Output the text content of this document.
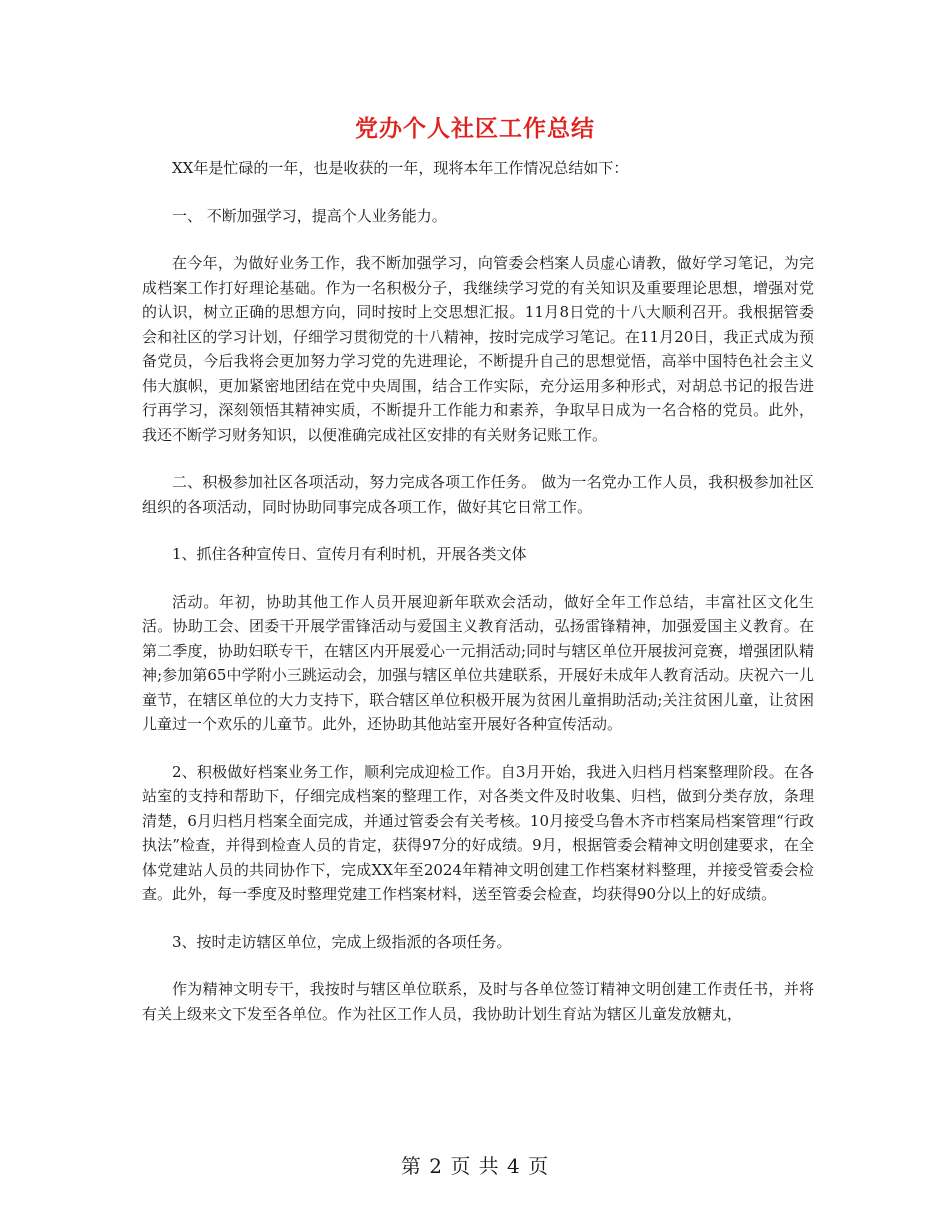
党办个人社区工作总结

XX年是忙碌的一年，也是收获的一年，现将本年工作情况总结如下：

一、 不断加强学习，提高个人业务能力。

在今年，为做好业务工作，我不断加强学习，向管委会档案人员虚心请教，做好学习笔记，为完成档案工作打好理论基础。作为一名积极分子，我继续学习党的有关知识及重要理论思想，增强对党的认识，树立正确的思想方向，同时按时上交思想汇报。11月8日党的十八大顺利召开。我根据管委会和社区的学习计划，仔细学习贯彻党的十八精神，按时完成学习笔记。在11月20日，我正式成为预备党员，今后我将会更加努力学习党的先进理论，不断提升自己的思想觉悟，高举中国特色社会主义伟大旗帜，更加紧密地团结在党中央周围，结合工作实际，充分运用多种形式，对胡总书记的报告进行再学习，深刻领悟其精神实质，不断提升工作能力和素养，争取早日成为一名合格的党员。此外，我还不断学习财务知识，以便准确完成社区安排的有关财务记账工作。

二、积极参加社区各项活动，努力完成各项工作任务。 做为一名党办工作人员，我积极参加社区组织的各项活动，同时协助同事完成各项工作，做好其它日常工作。

1、抓住各种宣传日、宣传月有利时机，开展各类文体

活动。年初，协助其他工作人员开展迎新年联欢会活动，做好全年工作总结，丰富社区文化生活。协助工会、团委干开展学雷锋活动与爱国主义教育活动，弘扬雷锋精神，加强爱国主义教育。在第二季度，协助妇联专干，在辖区内开展爱心一元捐活动;同时与辖区单位开展拔河竞赛，增强团队精神;参加第65中学附小三跳运动会，加强与辖区单位共建联系，开展好未成年人教育活动。庆祝六一儿童节，在辖区单位的大力支持下，联合辖区单位积极开展为贫困儿童捐助活动;关注贫困儿童，让贫困儿童过一个欢乐的儿童节。此外，还协助其他站室开展好各种宣传活动。

2、积极做好档案业务工作，顺利完成迎检工作。自3月开始，我进入归档月档案整理阶段。在各站室的支持和帮助下，仔细完成档案的整理工作，对各类文件及时收集、归档，做到分类存放，条理清楚，6月归档月档案全面完成，并通过管委会有关考核。10月接受乌鲁木齐市档案局档案管理“行政执法”检查，并得到检查人员的肯定，获得97分的好成绩。9月，根据管委会精神文明创建要求，在全体党建站人员的共同协作下，完成XX年至2024年精神文明创建工作档案材料整理，并接受管委会检查。此外，每一季度及时整理党建工作档案材料，送至管委会检查，均获得90分以上的好成绩。

3、按时走访辖区单位，完成上级指派的各项任务。

作为精神文明专干，我按时与辖区单位联系，及时与各单位签订精神文明创建工作责任书，并将有关上级来文下发至各单位。作为社区工作人员，我协助计划生育站为辖区儿童发放糖丸，

第 2 页 共 4 页
